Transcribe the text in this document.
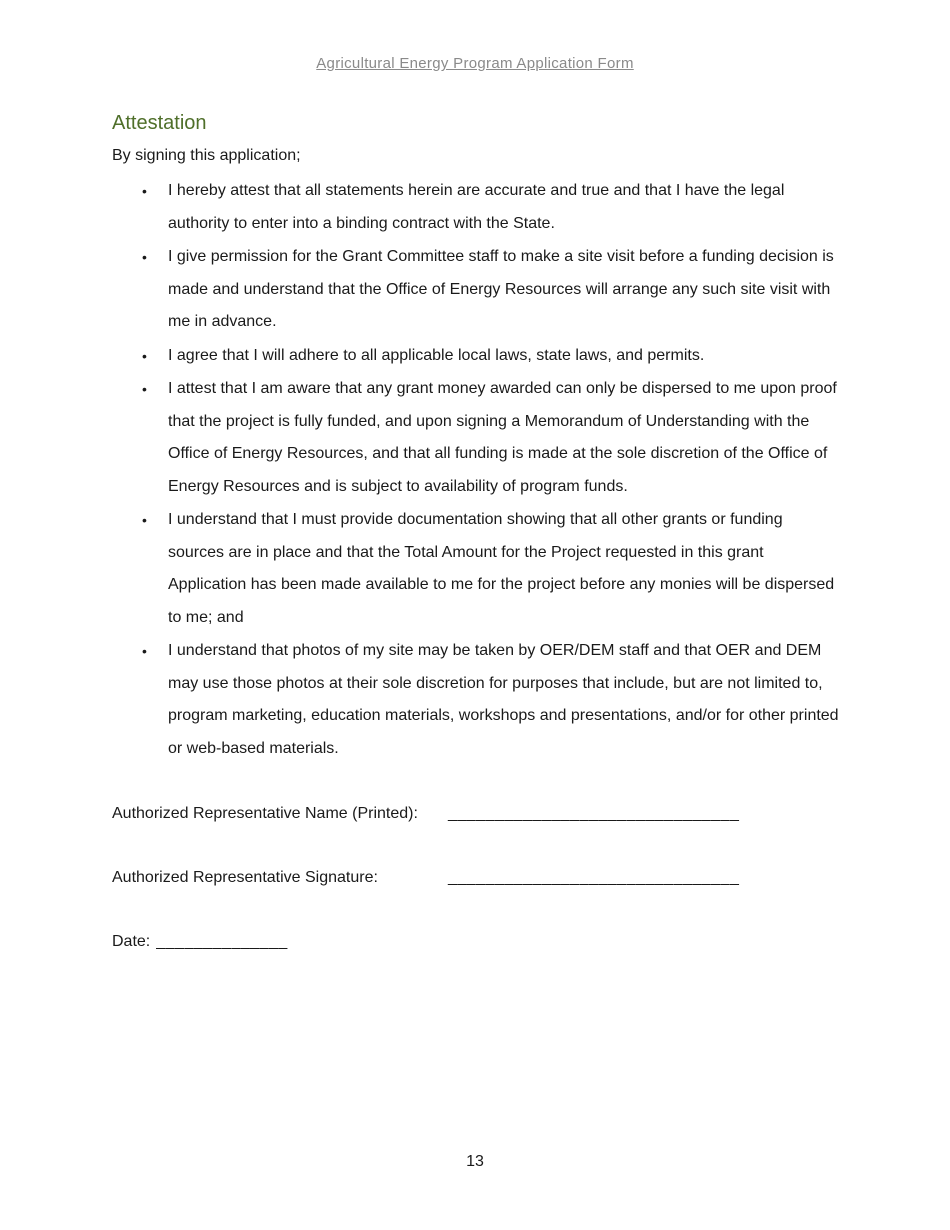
Agricultural Energy Program Application Form
Attestation

By signing this application;

• I hereby attest that all statements herein are accurate and true and that I have the legal authority to enter into a binding contract with the State.
• I give permission for the Grant Committee staff to make a site visit before a funding decision is made and understand that the Office of Energy Resources will arrange any such site visit with me in advance.
• I agree that I will adhere to all applicable local laws, state laws, and permits.
• I attest that I am aware that any grant money awarded can only be dispersed to me upon proof that the project is fully funded, and upon signing a Memorandum of Understanding with the Office of Energy Resources, and that all funding is made at the sole discretion of the Office of Energy Resources and is subject to availability of program funds.
• I understand that I must provide documentation showing that all other grants or funding sources are in place and that the Total Amount for the Project requested in this grant Application has been made available to me for the project before any monies will be dispersed to me; and
• I understand that photos of my site may be taken by OER/DEM staff and that OER and DEM may use those photos at their sole discretion for purposes that include, but are not limited to, program marketing, education materials, workshops and presentations, and/or for other printed or web-based materials.
Authorized Representative Name (Printed):	_______________________________
Authorized Representative Signature:	_______________________________
Date: ______________
13
